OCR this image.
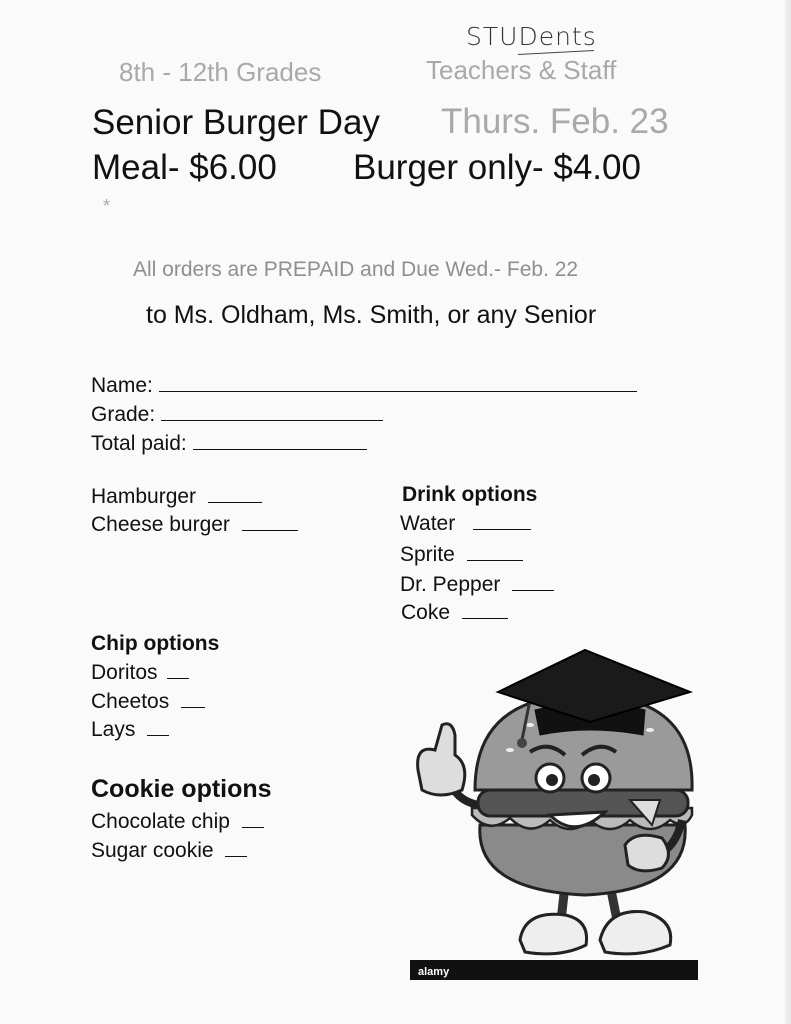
STUDents
8th - 12th Grades	Teachers & Staff
Senior Burger Day Thurs. Feb. 23
Meal- $6.00 Burger only- $4.00
*
All orders are PREPAID and Due Wed.- Feb. 22
to Ms. Oldham, Ms. Smith, or any Senior
Name:
Grade:
Total paid:
Hamburger
Cheese burger
Drink options
Water
Sprite
Dr. Pepper
Coke
Chip options
Doritos
Cheetos
Lays
Cookie options
Chocolate chip
Sugar cookie
alamy
